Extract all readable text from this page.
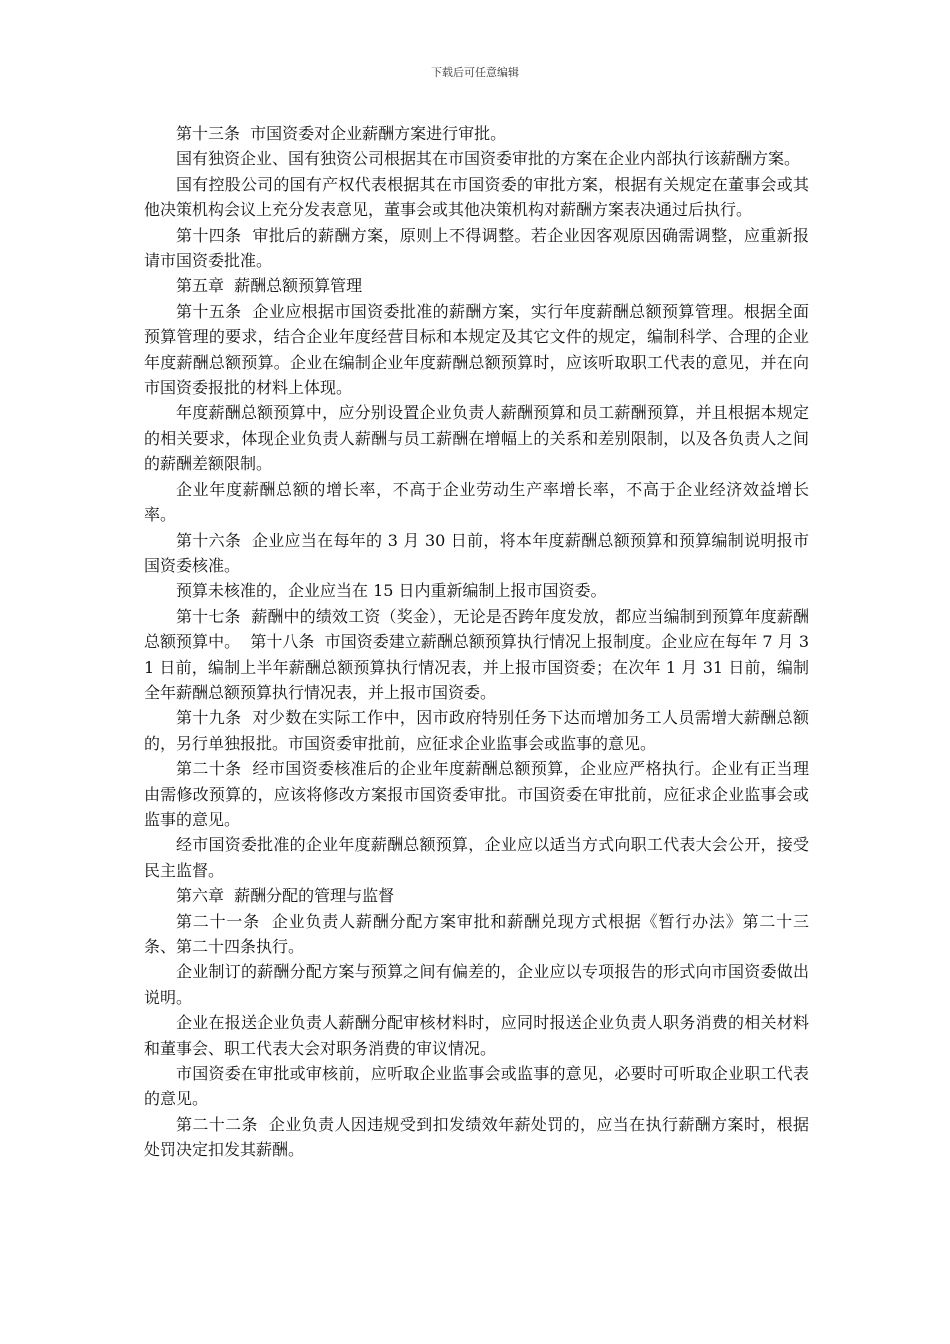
下载后可任意编辑

第十三条  市国资委对企业薪酬方案进行审批。

国有独资企业、国有独资公司根据其在市国资委审批的方案在企业内部执行该薪酬方案。

国有控股公司的国有产权代表根据其在市国资委的审批方案，根据有关规定在董事会或其他决策机构会议上充分发表意见，董事会或其他决策机构对薪酬方案表决通过后执行。

第十四条  审批后的薪酬方案，原则上不得调整。若企业因客观原因确需调整，应重新报请市国资委批准。

第五章  薪酬总额预算管理

第十五条  企业应根据市国资委批准的薪酬方案，实行年度薪酬总额预算管理。根据全面预算管理的要求，结合企业年度经营目标和本规定及其它文件的规定，编制科学、合理的企业年度薪酬总额预算。企业在编制企业年度薪酬总额预算时，应该听取职工代表的意见，并在向市国资委报批的材料上体现。

年度薪酬总额预算中，应分别设置企业负责人薪酬预算和员工薪酬预算，并且根据本规定的相关要求，体现企业负责人薪酬与员工薪酬在增幅上的关系和差别限制，以及各负责人之间的薪酬差额限制。

企业年度薪酬总额的增长率，不高于企业劳动生产率增长率，不高于企业经济效益增长率。

第十六条  企业应当在每年的 3 月 30 日前，将本年度薪酬总额预算和预算编制说明报市国资委核准。

预算未核准的，企业应当在 15 日内重新编制上报市国资委。

第十七条  薪酬中的绩效工资（奖金），无论是否跨年度发放，都应当编制到预算年度薪酬总额预算中。  第十八条  市国资委建立薪酬总额预算执行情况上报制度。企业应在每年 7 月 31 日前，编制上半年薪酬总额预算执行情况表，并上报市国资委；在次年 1 月 31 日前，编制全年薪酬总额预算执行情况表，并上报市国资委。

第十九条  对少数在实际工作中，因市政府特别任务下达而增加务工人员需增大薪酬总额的，另行单独报批。市国资委审批前，应征求企业监事会或监事的意见。

第二十条  经市国资委核准后的企业年度薪酬总额预算，企业应严格执行。企业有正当理由需修改预算的，应该将修改方案报市国资委审批。市国资委在审批前，应征求企业监事会或监事的意见。

经市国资委批准的企业年度薪酬总额预算，企业应以适当方式向职工代表大会公开，接受民主监督。

第六章  薪酬分配的管理与监督

第二十一条  企业负责人薪酬分配方案审批和薪酬兑现方式根据《暂行办法》第二十三条、第二十四条执行。

企业制订的薪酬分配方案与预算之间有偏差的，企业应以专项报告的形式向市国资委做出说明。

企业在报送企业负责人薪酬分配审核材料时，应同时报送企业负责人职务消费的相关材料和董事会、职工代表大会对职务消费的审议情况。

市国资委在审批或审核前，应听取企业监事会或监事的意见，必要时可听取企业职工代表的意见。

第二十二条  企业负责人因违规受到扣发绩效年薪处罚的，应当在执行薪酬方案时，根据处罚决定扣发其薪酬。
